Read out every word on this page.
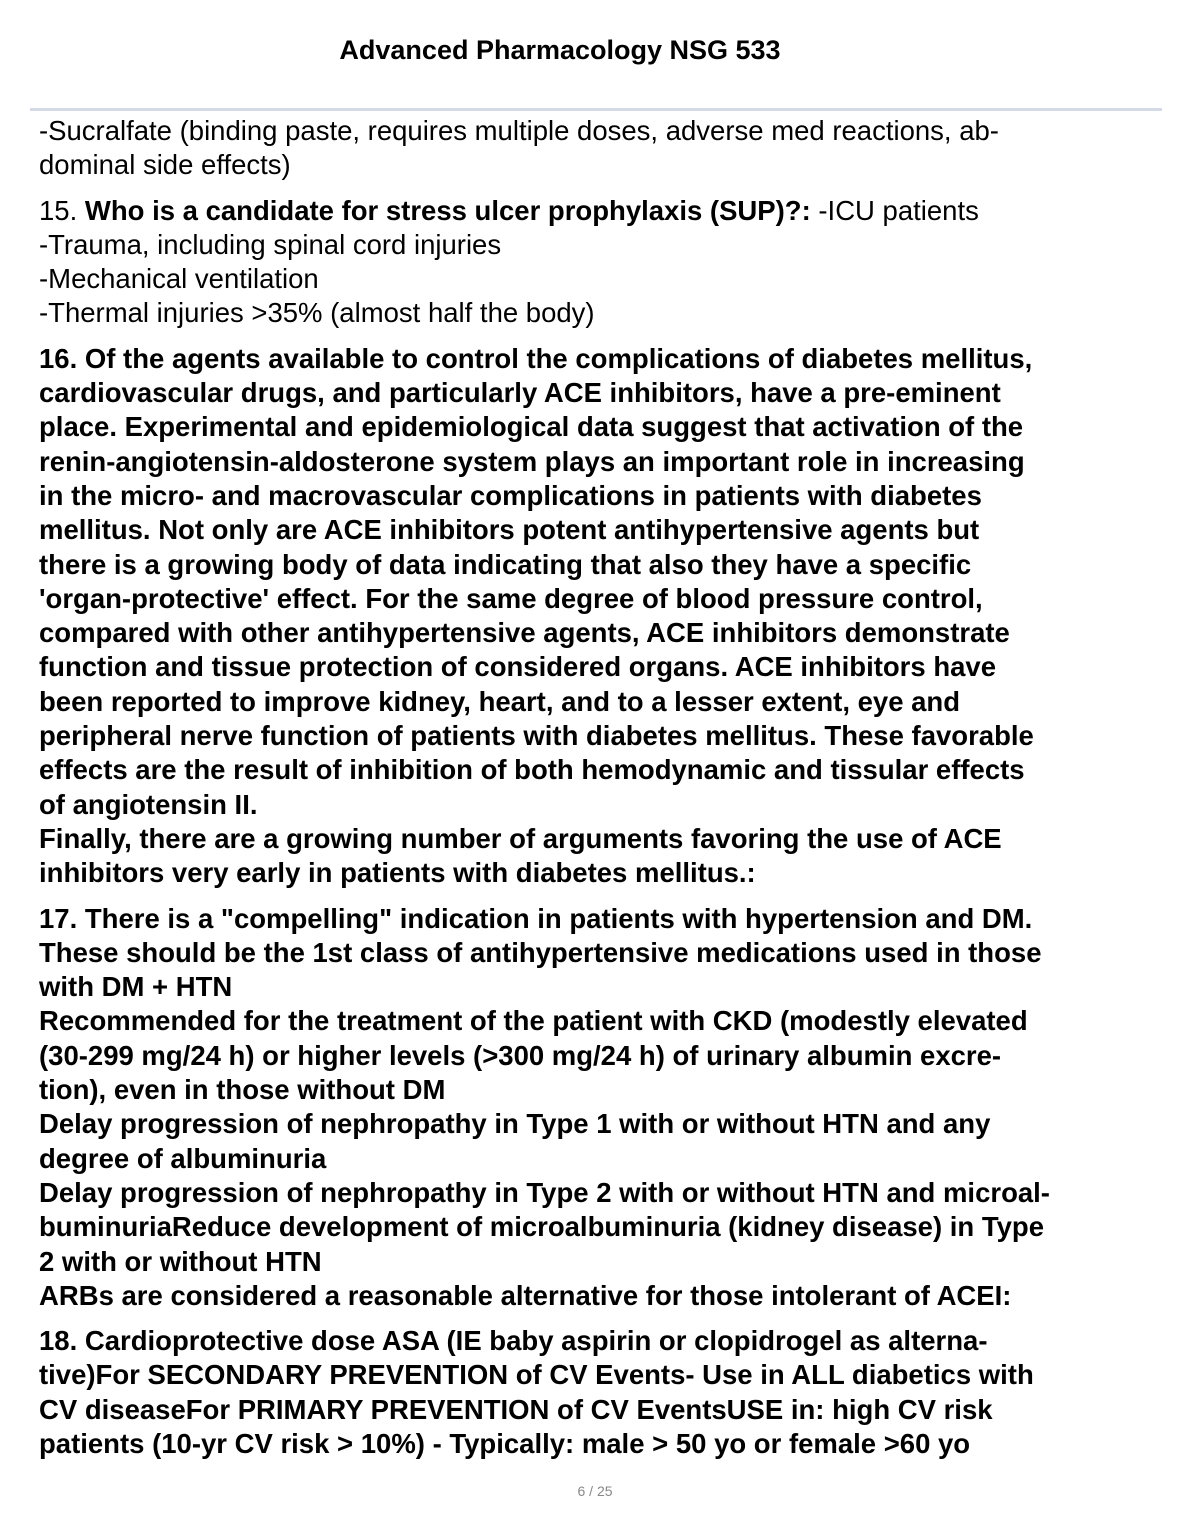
Advanced Pharmacology NSG 533
-Sucralfate (binding paste, requires multiple doses, adverse med reactions, ab-
dominal side effects)
15. Who is a candidate for stress ulcer prophylaxis (SUP)?: -ICU patients
-Trauma, including spinal cord injuries
-Mechanical ventilation
-Thermal injuries >35% (almost half the body)
16. Of the agents available to control the complications of diabetes mellitus,
cardiovascular drugs, and particularly ACE inhibitors, have a pre-eminent
place. Experimental and epidemiological data suggest that activation of the
renin-angiotensin-aldosterone system plays an important role in increasing
in the micro- and macrovascular complications in patients with diabetes
mellitus. Not only are ACE inhibitors potent antihypertensive agents but
there is a growing body of data indicating that also they have a specific
'organ-protective' effect. For the same degree of blood pressure control,
compared with other antihypertensive agents, ACE inhibitors demonstrate
function and tissue protection of considered organs. ACE inhibitors have
been reported to improve kidney, heart, and to a lesser extent, eye and
peripheral nerve function of patients with diabetes mellitus. These favorable
effects are the result of inhibition of both hemodynamic and tissular effects
of angiotensin II.
Finally, there are a growing number of arguments favoring the use of ACE
inhibitors very early in patients with diabetes mellitus.:
17. There is a "compelling" indication in patients with hypertension and DM.
These should be the 1st class of antihypertensive medications used in those
with DM + HTN
Recommended for the treatment of the patient with CKD (modestly elevated
(30-299 mg/24 h) or higher levels (>300 mg/24 h) of urinary albumin excre-
tion), even in those without DM
Delay progression of nephropathy in Type 1 with or without HTN and any
degree of albuminuria
Delay progression of nephropathy in Type 2 with or without HTN and microal-
buminuriaReduce development of microalbuminuria (kidney disease) in Type
2 with or without HTN
ARBs are considered a reasonable alternative for those intolerant of ACEI:
18. Cardioprotective dose ASA (IE baby aspirin or clopidrogel as alterna-
tive)For SECONDARY PREVENTION of CV Events- Use in ALL diabetics with
CV diseaseFor PRIMARY PREVENTION of CV EventsUSE in: high CV risk
patients (10-yr CV risk > 10%) - Typically: male > 50 yo or female >60 yo
6 / 25
